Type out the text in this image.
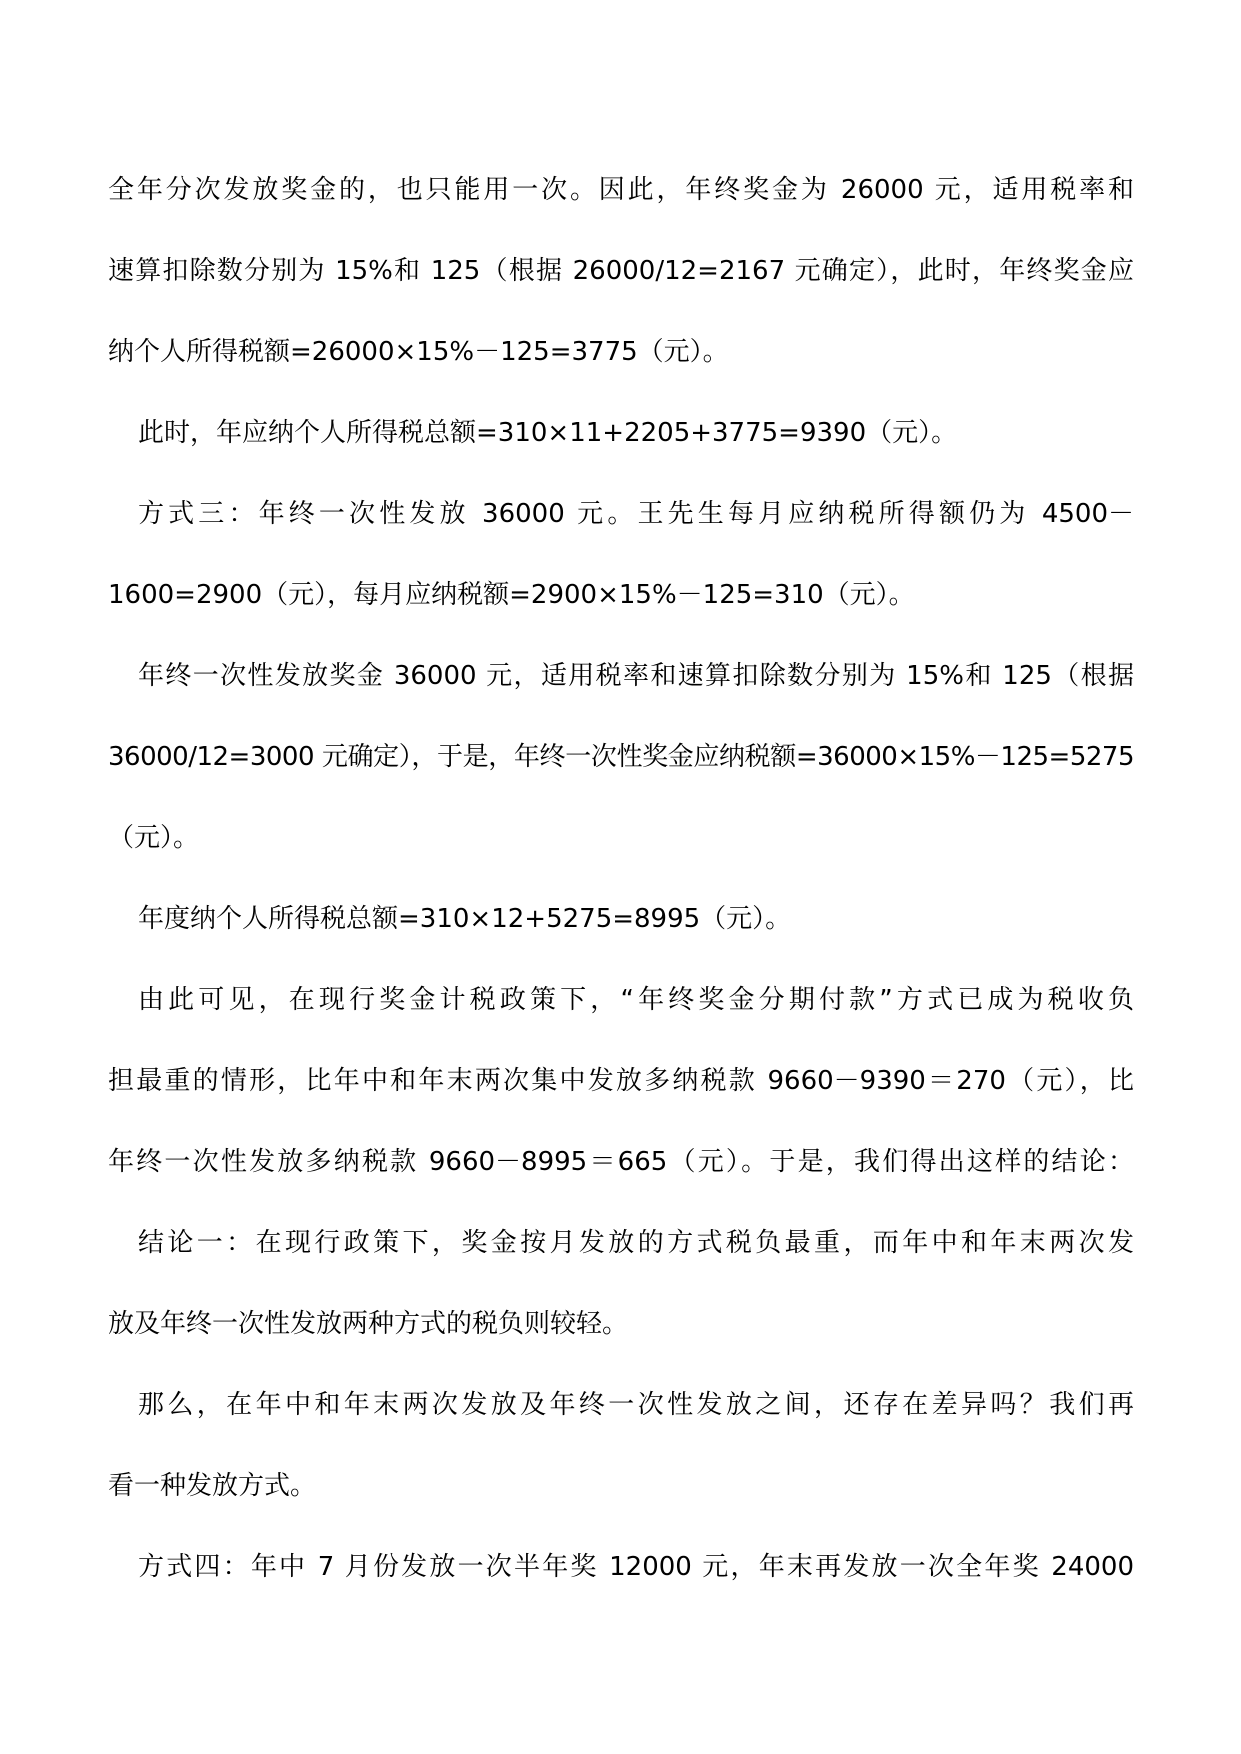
全年分次发放奖金的，也只能用一次。因此，年终奖金为 26000 元，适用税率和
速算扣除数分别为 15%和 125（根据 26000/12=2167 元确定），此时，年终奖金应
纳个人所得税额=26000×15%－125=3775（元）。
此时，年应纳个人所得税总额=310×11+2205+3775=9390（元）。
方式三：年终一次性发放 36000 元。王先生每月应纳税所得额仍为 4500－
1600=2900（元），每月应纳税额=2900×15%－125=310（元）。
年终一次性发放奖金 36000 元，适用税率和速算扣除数分别为 15%和 125（根据
36000/12=3000 元确定），于是，年终一次性奖金应纳税额=36000×15%－125=5275
（元）。
年度纳个人所得税总额=310×12+5275=8995（元）。
由此可见，在现行奖金计税政策下，“年终奖金分期付款”方式已成为税收负
担最重的情形，比年中和年末两次集中发放多纳税款 9660－9390＝270（元），比
年终一次性发放多纳税款 9660－8995＝665（元）。于是，我们得出这样的结论：
结论一：在现行政策下，奖金按月发放的方式税负最重，而年中和年末两次发
放及年终一次性发放两种方式的税负则较轻。
那么，在年中和年末两次发放及年终一次性发放之间，还存在差异吗？我们再
看一种发放方式。
方式四：年中 7 月份发放一次半年奖 12000 元，年末再发放一次全年奖 24000
